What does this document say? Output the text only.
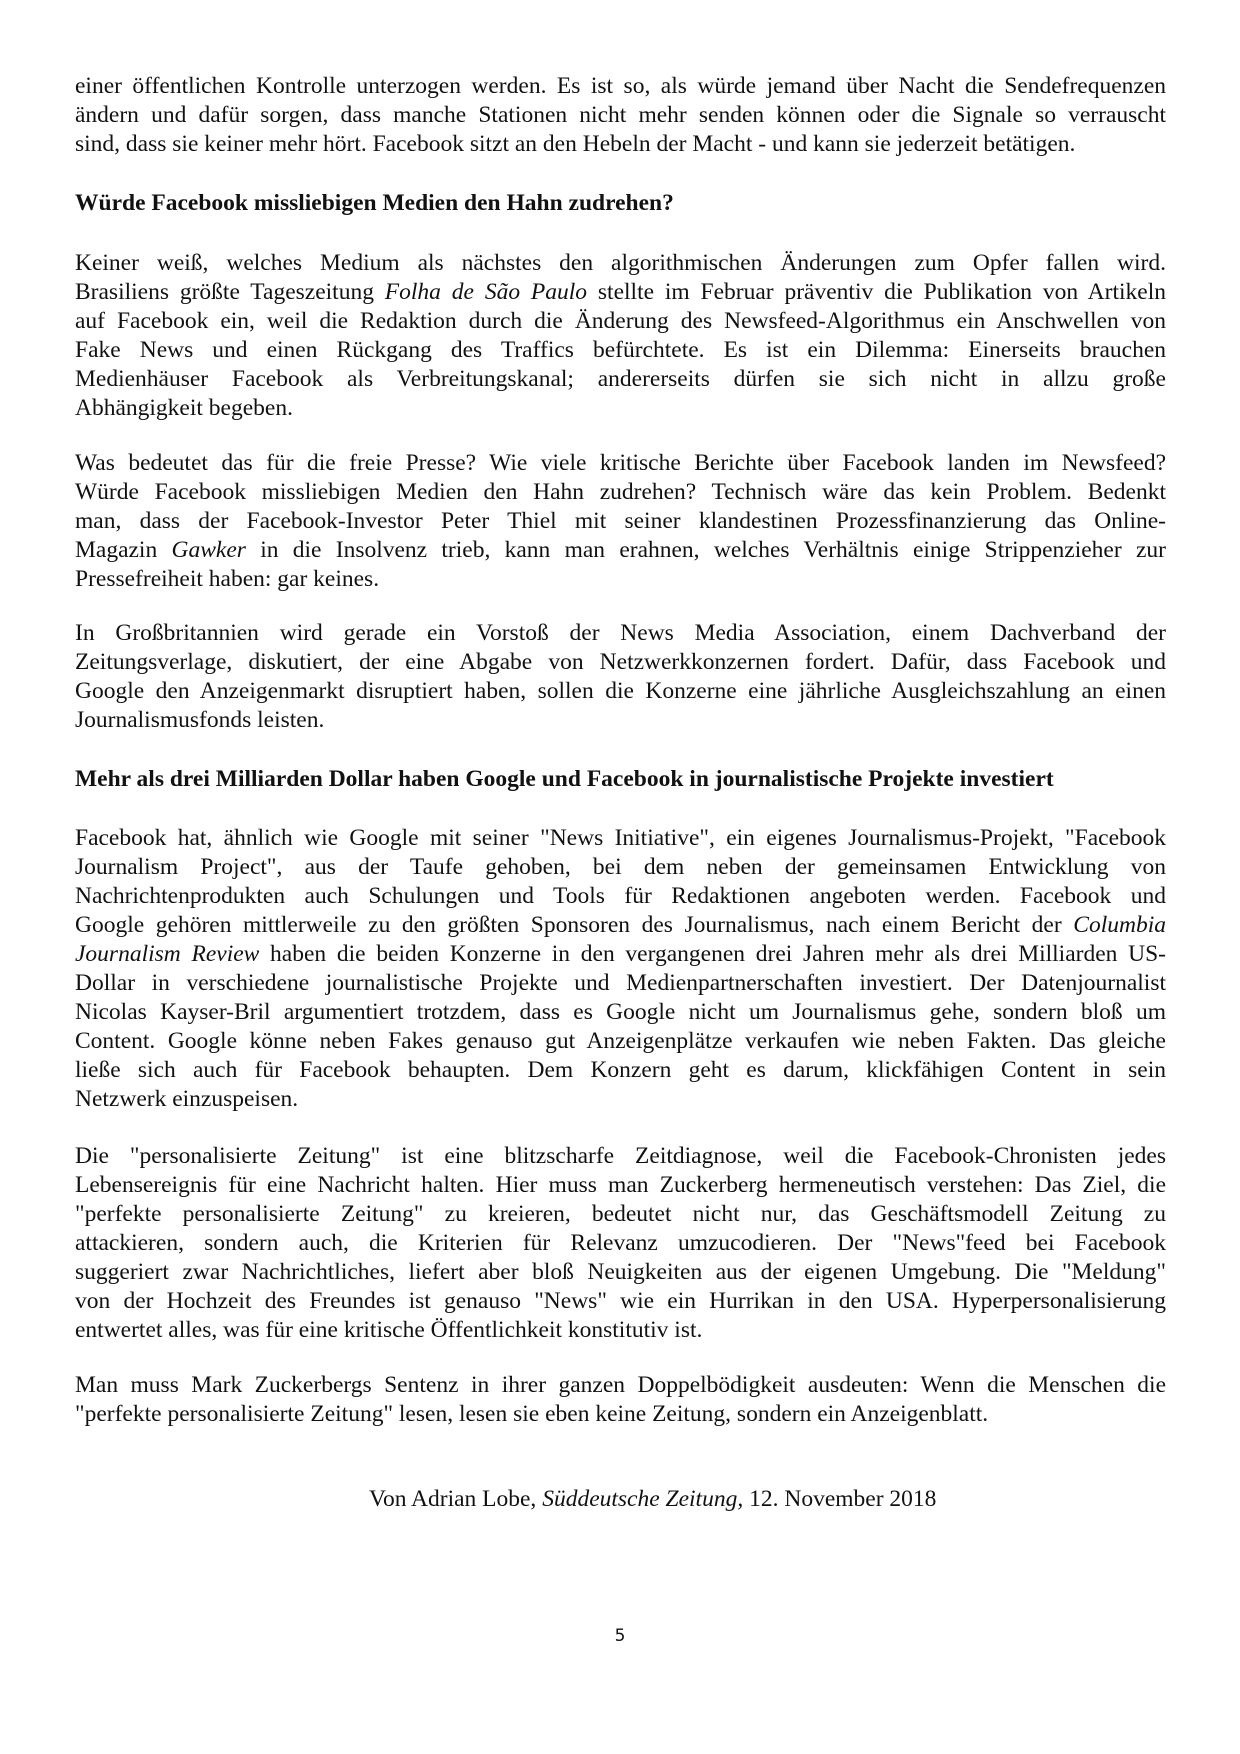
einer öffentlichen Kontrolle unterzogen werden. Es ist so, als würde jemand über Nacht die Sendefrequenzen
ändern und dafür sorgen, dass manche Stationen nicht mehr senden können oder die Signale so verrauscht
sind, dass sie keiner mehr hört. Facebook sitzt an den Hebeln der Macht - und kann sie jederzeit betätigen.
Würde Facebook missliebigen Medien den Hahn zudrehen?
Keiner weiß, welches Medium als nächstes den algorithmischen Änderungen zum Opfer fallen wird.
Brasiliens größte Tageszeitung Folha de São Paulo stellte im Februar präventiv die Publikation von Artikeln
auf Facebook ein, weil die Redaktion durch die Änderung des Newsfeed-Algorithmus ein Anschwellen von
Fake News und einen Rückgang des Traffics befürchtete. Es ist ein Dilemma: Einerseits brauchen
Medienhäuser Facebook als Verbreitungskanal; andererseits dürfen sie sich nicht in allzu große
Abhängigkeit begeben.
Was bedeutet das für die freie Presse? Wie viele kritische Berichte über Facebook landen im Newsfeed?
Würde Facebook missliebigen Medien den Hahn zudrehen? Technisch wäre das kein Problem. Bedenkt
man, dass der Facebook-Investor Peter Thiel mit seiner klandestinen Prozessfinanzierung das Online-
Magazin Gawker in die Insolvenz trieb, kann man erahnen, welches Verhältnis einige Strippenzieher zur
Pressefreiheit haben: gar keines.
In Großbritannien wird gerade ein Vorstoß der News Media Association, einem Dachverband der
Zeitungsverlage, diskutiert, der eine Abgabe von Netzwerkkonzernen fordert. Dafür, dass Facebook und
Google den Anzeigenmarkt disruptiert haben, sollen die Konzerne eine jährliche Ausgleichszahlung an einen
Journalismusfonds leisten.
Mehr als drei Milliarden Dollar haben Google und Facebook in journalistische Projekte investiert
Facebook hat, ähnlich wie Google mit seiner "News Initiative", ein eigenes Journalismus-Projekt, "Facebook
Journalism Project", aus der Taufe gehoben, bei dem neben der gemeinsamen Entwicklung von
Nachrichtenprodukten auch Schulungen und Tools für Redaktionen angeboten werden. Facebook und
Google gehören mittlerweile zu den größten Sponsoren des Journalismus, nach einem Bericht der Columbia
Journalism Review haben die beiden Konzerne in den vergangenen drei Jahren mehr als drei Milliarden US-
Dollar in verschiedene journalistische Projekte und Medienpartnerschaften investiert. Der Datenjournalist
Nicolas Kayser-Bril argumentiert trotzdem, dass es Google nicht um Journalismus gehe, sondern bloß um
Content. Google könne neben Fakes genauso gut Anzeigenplätze verkaufen wie neben Fakten. Das gleiche
ließe sich auch für Facebook behaupten. Dem Konzern geht es darum, klickfähigen Content in sein
Netzwerk einzuspeisen.
Die "personalisierte Zeitung" ist eine blitzscharfe Zeitdiagnose, weil die Facebook-Chronisten jedes
Lebensereignis für eine Nachricht halten. Hier muss man Zuckerberg hermeneutisch verstehen: Das Ziel, die
"perfekte personalisierte Zeitung" zu kreieren, bedeutet nicht nur, das Geschäftsmodell Zeitung zu
attackieren, sondern auch, die Kriterien für Relevanz umzucodieren. Der "News"feed bei Facebook
suggeriert zwar Nachrichtliches, liefert aber bloß Neuigkeiten aus der eigenen Umgebung. Die "Meldung"
von der Hochzeit des Freundes ist genauso "News" wie ein Hurrikan in den USA. Hyperpersonalisierung
entwertet alles, was für eine kritische Öffentlichkeit konstitutiv ist.
Man muss Mark Zuckerbergs Sentenz in ihrer ganzen Doppelbödigkeit ausdeuten: Wenn die Menschen die
"perfekte personalisierte Zeitung" lesen, lesen sie eben keine Zeitung, sondern ein Anzeigenblatt.
Von Adrian Lobe, Süddeutsche Zeitung, 12. November 2018
5
